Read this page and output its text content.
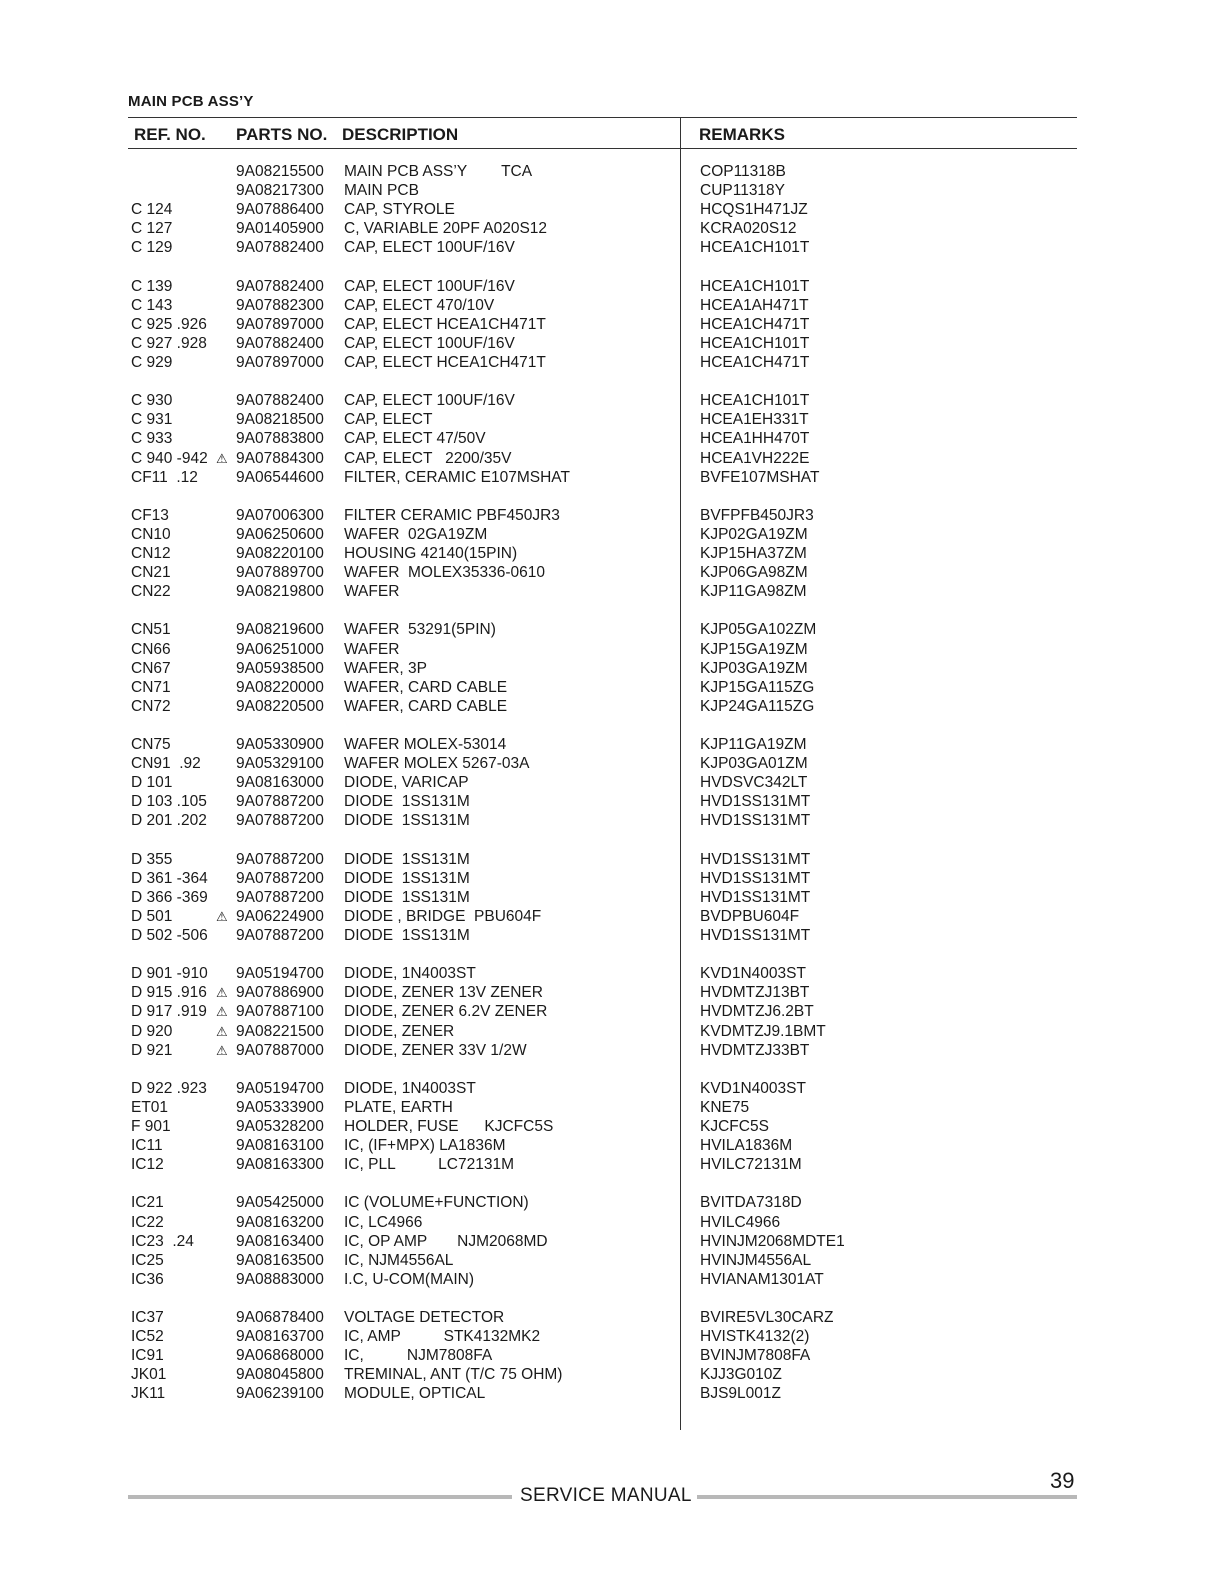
MAIN PCB ASS’Y
REF. NO. PARTS NO. DESCRIPTION	REMARKS
9A08215500 MAIN PCB ASS’Y        TCA	COP11318B
9A08217300 MAIN PCB	CUP11318Y
C 124	9A07886400 CAP, STYROLE	HCQS1H471JZ
C 127	9A01405900 C, VARIABLE 20PF A020S12	KCRA020S12
C 129	9A07882400 CAP, ELECT 100UF/16V	HCEA1CH101T
C 139	9A07882400 CAP, ELECT 100UF/16V	HCEA1CH101T
C 143	9A07882300 CAP, ELECT 470/10V	HCEA1AH471T
C 925 .926 9A07897000 CAP, ELECT HCEA1CH471T	HCEA1CH471T
C 927 .928 9A07882400 CAP, ELECT 100UF/16V	HCEA1CH101T
C 929	9A07897000 CAP, ELECT HCEA1CH471T	HCEA1CH471T
C 930	9A07882400 CAP, ELECT 100UF/16V	HCEA1CH101T
C 931	9A08218500 CAP, ELECT	HCEA1EH331T
C 933	9A07883800 CAP, ELECT 47/50V	HCEA1HH470T
C 940 -942 9A07884300 CAP, ELECT   2200/35V	HCEA1VH222E
⚠
CF11  .12 9A06544600 FILTER, CERAMIC E107MSHAT	BVFE107MSHAT
CF13	9A07006300 FILTER CERAMIC PBF450JR3	BVFPFB450JR3
CN10	9A06250600 WAFER  02GA19ZM	KJP02GA19ZM
CN12	9A08220100 HOUSING 42140(15PIN)	KJP15HA37ZM
CN21	9A07889700 WAFER  MOLEX35336-0610	KJP06GA98ZM
CN22	9A08219800 WAFER	KJP11GA98ZM
CN51	9A08219600 WAFER  53291(5PIN)	KJP05GA102ZM
CN66	9A06251000 WAFER	KJP15GA19ZM
CN67	9A05938500 WAFER, 3P	KJP03GA19ZM
CN71	9A08220000 WAFER, CARD CABLE	KJP15GA115ZG
CN72	9A08220500 WAFER, CARD CABLE	KJP24GA115ZG
CN75	9A05330900 WAFER MOLEX-53014	KJP11GA19ZM
CN91  .92 9A05329100 WAFER MOLEX 5267-03A	KJP03GA01ZM
D 101	9A08163000 DIODE, VARICAP	HVDSVC342LT
D 103 .105 9A07887200 DIODE  1SS131M	HVD1SS131MT
D 201 .202 9A07887200 DIODE  1SS131M	HVD1SS131MT
D 355	9A07887200 DIODE  1SS131M	HVD1SS131MT
D 361 -364 9A07887200 DIODE  1SS131M	HVD1SS131MT
D 366 -369 9A07887200 DIODE  1SS131M	HVD1SS131MT
D 501	9A06224900 DIODE , BRIDGE  PBU604F	BVDPBU604F
⚠
D 502 -506 9A07887200 DIODE  1SS131M	HVD1SS131MT
D 901 -910 9A05194700 DIODE, 1N4003ST	KVD1N4003ST
D 915 .916 9A07886900 DIODE, ZENER 13V ZENER	HVDMTZJ13BT
⚠
D 917 .919 9A07887100 DIODE, ZENER 6.2V ZENER	HVDMTZJ6.2BT
⚠
D 920	9A08221500 DIODE, ZENER	KVDMTZJ9.1BMT
⚠
D 921	9A07887000 DIODE, ZENER 33V 1/2W	HVDMTZJ33BT
⚠
D 922 .923 9A05194700 DIODE, 1N4003ST	KVD1N4003ST
ET01	9A05333900 PLATE, EARTH	KNE75
F 901	9A05328200 HOLDER, FUSE      KJCFC5S	KJCFC5S
IC11	9A08163100 IC, (IF+MPX) LA1836M	HVILA1836M
IC12	9A08163300 IC, PLL          LC72131M	HVILC72131M
IC21	9A05425000 IC (VOLUME+FUNCTION)	BVITDA7318D
IC22	9A08163200 IC, LC4966	HVILC4966
IC23  .24	9A08163400 IC, OP AMP       NJM2068MD	HVINJM2068MDTE1
IC25	9A08163500 IC, NJM4556AL	HVINJM4556AL
IC36	9A08883000 I.C, U-COM(MAIN)	HVIANAM1301AT
IC37	9A06878400 VOLTAGE DETECTOR	BVIRE5VL30CARZ
IC52	9A08163700 IC, AMP          STK4132MK2	HVISTK4132(2)
IC91	9A06868000 IC,          NJM7808FA	BVINJM7808FA
JK01	9A08045800 TREMINAL, ANT (T/C 75 OHM)	KJJ3G010Z
JK11	9A06239100 MODULE, OPTICAL	BJS9L001Z
SERVICE MANUAL
39
